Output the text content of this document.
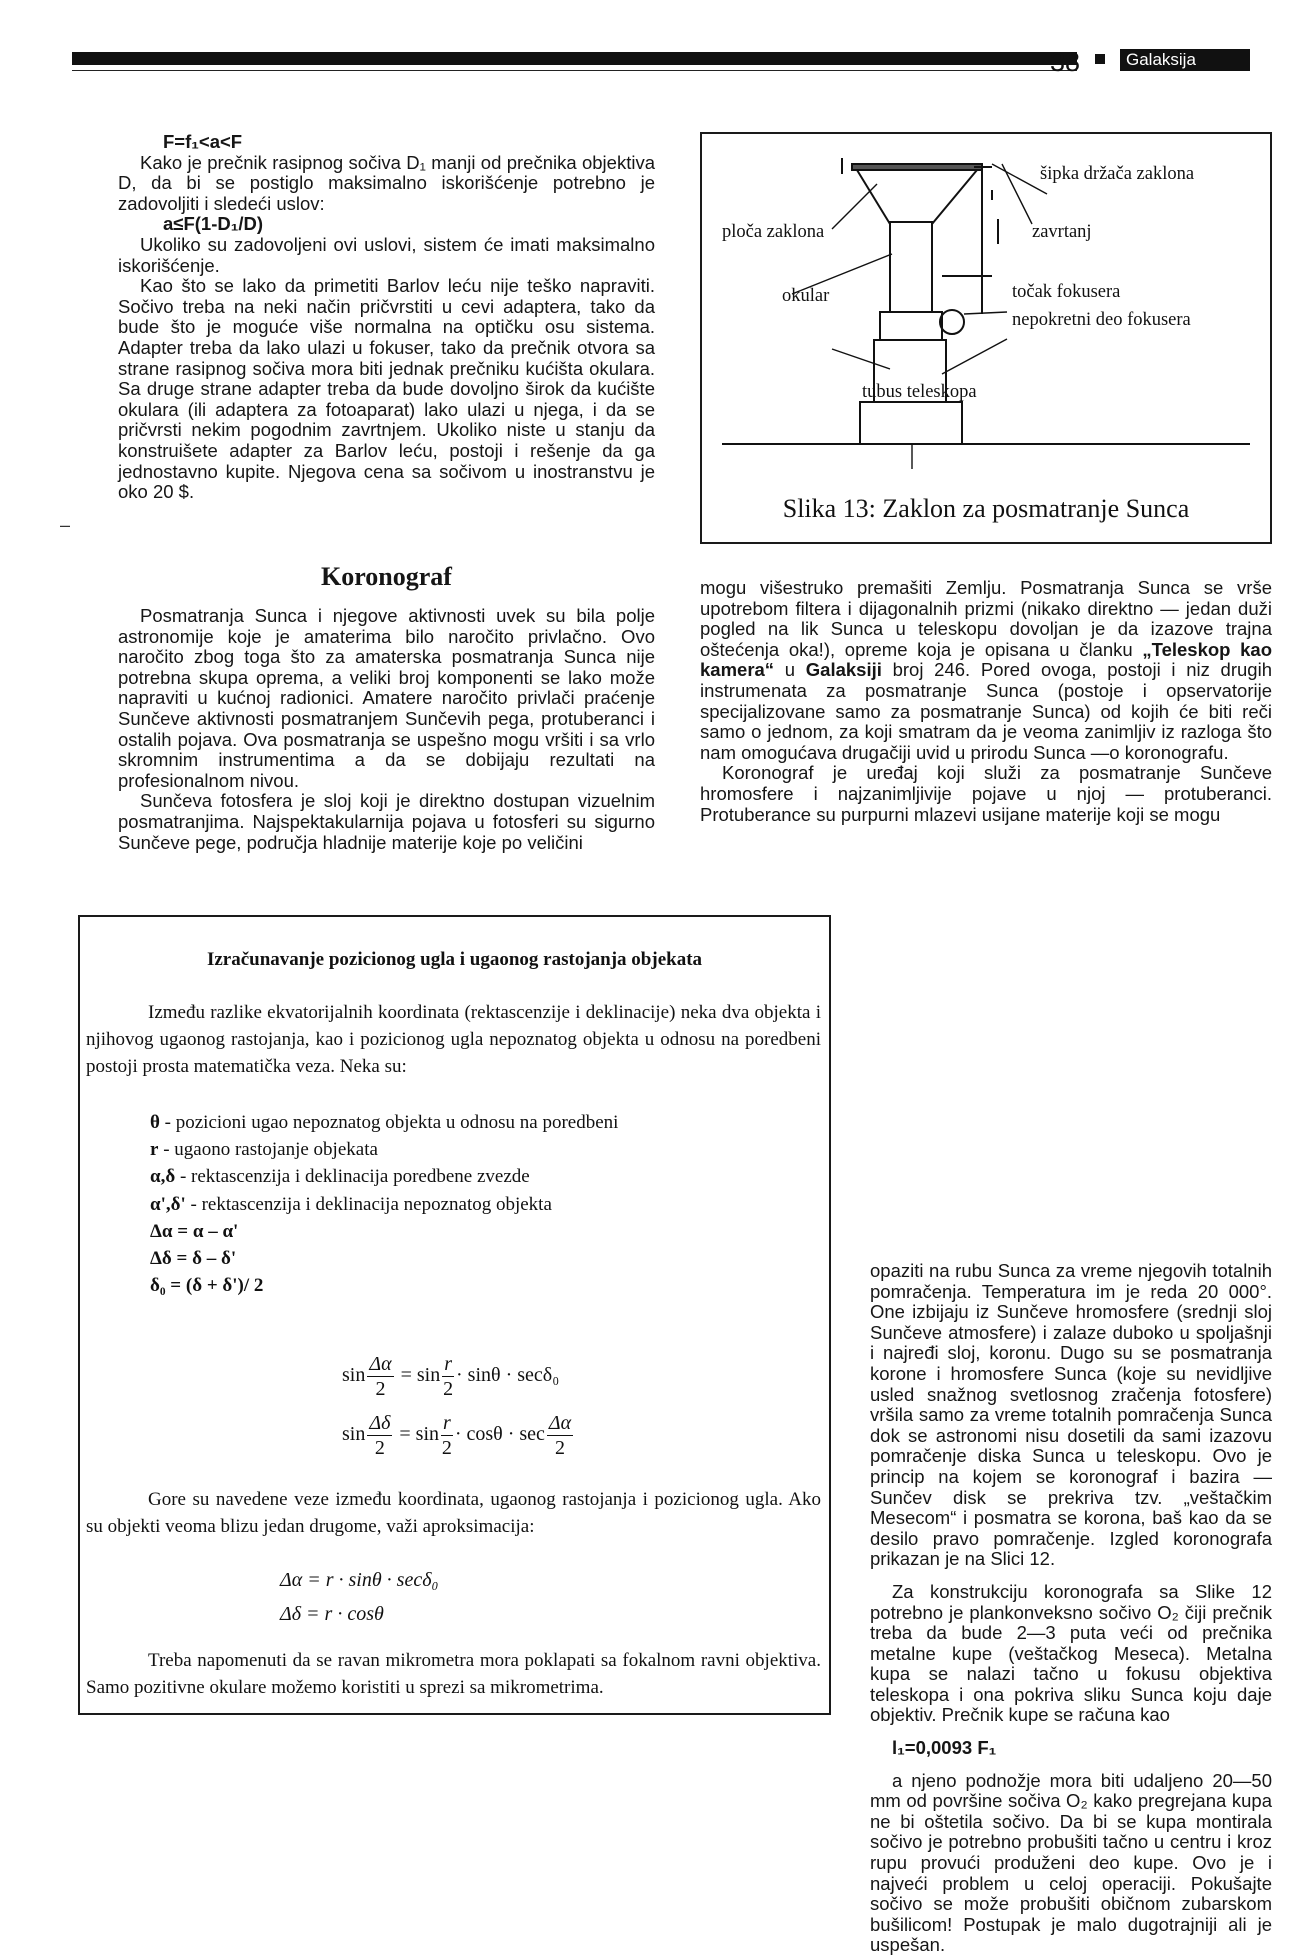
38	Galaksija
–

F=f₁<a<F

Kako je prečnik rasipnog sočiva D₁ manji od prečnika objektiva D, da bi se postiglo maksimalno iskorišćenje potrebno je zadovoljiti i sledeći uslov:

a≤F(1-D₁/D)

Ukoliko su zadovoljeni ovi uslovi, sistem će imati maksimalno iskorišćenje.

Kao što se lako da primetiti Barlov leću nije teško napraviti. Sočivo treba na neki način pričvrstiti u cevi adaptera, tako da bude što je moguće više normalna na optičku osu sistema. Adapter treba da lako ulazi u fokuser, tako da prečnik otvora sa strane rasipnog sočiva mora biti jednak prečniku kućišta okulara. Sa druge strane adapter treba da bude dovoljno širok da kućište okulara (ili adaptera za fotoaparat) lako ulazi u njega, i da se pričvrsti nekim pogodnim zavrtnjem. Ukoliko niste u stanju da konstruišete adapter za Barlov leću, postoji i rešenje da ga jednostavno kupite. Njegova cena sa sočivom u inostranstvu je oko 20 $.

šipka držača zaklona
zavrtanj
ploča zaklona
okular	točak fokusera
nepokretni deo fokusera
tubus teleskopa
Slika 13: Zaklon za posmatranje Sunca
Koronograf

Posmatranja Sunca i njegove aktivnosti uvek su bila polje astronomije koje je amaterima bilo naročito privlačno. Ovo naročito zbog toga što za amaterska posmatranja Sunca nije potrebna skupa oprema, a veliki broj komponenti se lako može napraviti u kućnoj radionici. Amatere naročito privlači praćenje Sunčeve aktivnosti posmatranjem Sunčevih pega, protuberanci i ostalih pojava. Ova posmatranja se uspešno mogu vršiti i sa vrlo skromnim instrumentima a da se dobijaju rezultati na profesionalnom nivou.

Sunčeva fotosfera je sloj koji je direktno dostupan vizuelnim posmatranjima. Najspektakularnija pojava u fotosferi su sigurno Sunčeve pege, područja hladnije materije koje po veličini

mogu višestruko premašiti Zemlju. Posmatranja Sunca se vrše upotrebom filtera i dijagonalnih prizmi (nikako direktno — jedan duži pogled na lik Sunca u teleskopu dovoljan je da izazove trajna oštećenja oka!), opreme koja je opisana u članku „Teleskop kao kamera“ u Galaksiji broj 246. Pored ovoga, postoji i niz drugih instrumenata za posmatranje Sunca (postoje i opservatorije specijalizovane samo za posmatranje Sunca) od kojih će biti reči samo o jednom, za koji smatram da je veoma zanimljiv iz razloga što nam omogućava drugačiji uvid u prirodu Sunca —o koronografu.

Koronograf je uređaj koji služi za posmatranje Sunčeve hromosfere i najzanimljivije pojave u njoj — protuberanci. Protuberance su purpurni mlazevi usijane materije koji se mogu

opaziti na rubu Sunca za vreme njegovih totalnih pomračenja. Temperatura im je reda 20 000°. One izbijaju iz Sunčeve hromosfere (srednji sloj Sunčeve atmosfere) i zalaze duboko u spoljašnji i najređi sloj, koronu. Dugo su se posmatranja korone i hromosfere Sunca (koje su nevidljive usled snažnog svetlosnog zračenja fotosfere) vršila samo za vreme totalnih pomračenja Sunca dok se astronomi nisu dosetili da sami izazovu pomračenje diska Sunca u teleskopu. Ovo je princip na kojem se koronograf i bazira — Sunčev disk se prekriva tzv. „veštačkim Mesecom“ i posmatra se korona, baš kao da se desilo pravo pomračenje. Izgled koronografa prikazan je na Slici 12.

Za konstrukciju koronografa sa Slike 12 potrebno je plankonveksno sočivo O₂ čiji prečnik treba da bude 2—3 puta veći od prečnika metalne kupe (veštačkog Meseca). Metalna kupa se nalazi tačno u fokusu objektiva teleskopa i ona pokriva sliku Sunca koju daje objektiv. Prečnik kupe se računa kao

l₁=0,0093 F₁

a njeno podnožje mora biti udaljeno 20—50 mm od površine sočiva O₂ kako pregrejana kupa ne bi oštetila sočivo. Da bi se kupa montirala sočivo je potrebno probušiti tačno u centru i kroz rupu provući produženi deo kupe. Ovo je i najveći problem u celoj operaciji. Pokušajte sočivo se može probušiti običnom zubarskom bušilicom! Postupak je malo dugotrajniji ali je uspešan.

Izračunavanje pozicionog ugla i ugaonog rastojanja objekata
Između razlike ekvatorijalnih koordinata (rektascenzije i deklinacije) neka dva objekta i njihovog ugaonog rastojanja, kao i pozicionog ugla nepoznatog objekta u odnosu na poredbeni postoji prosta matematička veza. Neka su:
θ - pozicioni ugao nepoznatog objekta u odnosu na poredbeni
r - ugaono rastojanje objekata
α,δ - rektascenzija i deklinacija poredbene zvezde
α',δ' - rektascenzija i deklinacija nepoznatog objekta
Δα = α – α'
Δδ = δ – δ'
δ₀ = (δ + δ')/ 2
$\sin \frac{\Delta\alpha}{2} = \sin \frac{r}{2} \cdot \sin\theta \cdot \sec\delta_0$
$\sin \frac{\Delta\delta}{2} = \sin \frac{r}{2} \cdot \cos\theta \cdot \sec \frac{\Delta\alpha}{2}$
Gore su navedene veze između koordinata, ugaonog rastojanja i pozicionog ugla. Ako su objekti veoma blizu jedan drugome, važi aproksimacija:
Δα = r · sinθ · secδ₀
Δδ = r · cosθ
Treba napomenuti da se ravan mikrometra mora poklapati sa fokalnom ravni objektiva. Samo pozitivne okulare možemo koristiti u sprezi sa mikrometrima.
